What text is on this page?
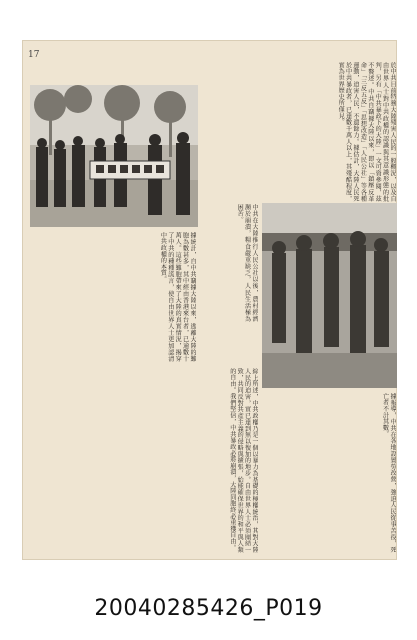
17
於中共目前特務大陸殘害人民的一般概況，以及自由世界人士對中共政權的認識與其意識形態的批判，另有「中共暴政下的大陸」一文可資參閱，茲不贅述。中共自竊據大陸以來，即以「鎮壓反革命」「三反五反」「思想改造」「人民公社」等各種運動，迫害人民，不遺餘力。據估計，大陸人民死於中共暴政者，已達數千萬人以上，其殘酷程度，實為世界歷史所僅見。
中共在大陸推行人民公社以後，農村經濟瀕於崩潰，糧食嚴重缺乏，人民生活極為困苦。
據統計，自中共竊據大陸以來，逃離大陸的難胞為數甚多，其中經由香港來台者，已逾數十萬人。這些難胞帶來了大陸的真實情況，揭穿了中共的種種謊言，使自由世界人士更加認清中共政權的本質。
據報導，中共在各地設置勞改營，強迫人民從事苦役，死亡者不計其數。
綜上所述，中共政權乃是一個以暴力為基礎的極權統治，其對大陸人民的迫害，實已達到無以復加的地步。自由世界人士必須團結一致，共同反對共產主義的侵略與擴張，始能確保世界的和平與人類的自由。我們堅信，中共暴政必將崩潰，大陸同胞終必重獲自由。
20040285426_P019
